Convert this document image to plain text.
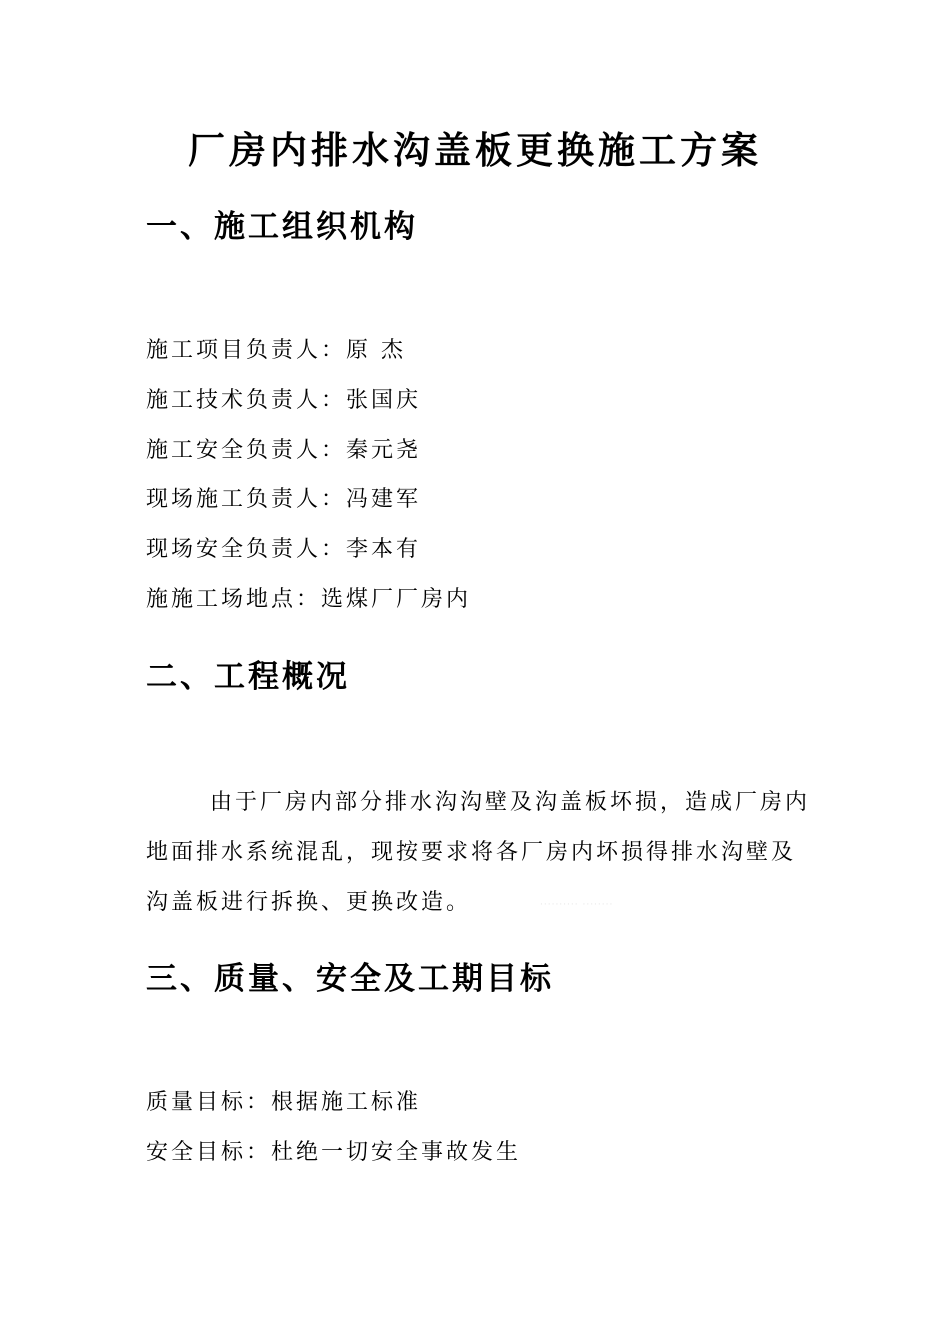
厂房内排水沟盖板更换施工方案
一、施工组织机构
施工项目负责人：原 杰
施工技术负责人：张国庆
施工安全负责人：秦元尧
现场施工负责人：冯建军
现场安全负责人：李本有
施施工场地点：选煤厂厂房内
二、工程概况

由于厂房内部分排水沟沟壁及沟盖板坏损，造成厂房内地面排水系统混乱，现按要求将各厂房内坏损得排水沟壁及沟盖板进行拆换、更换改造。	·········· ········
三、质量、安全及工期目标
质量目标：根据施工标准
安全目标：杜绝一切安全事故发生
